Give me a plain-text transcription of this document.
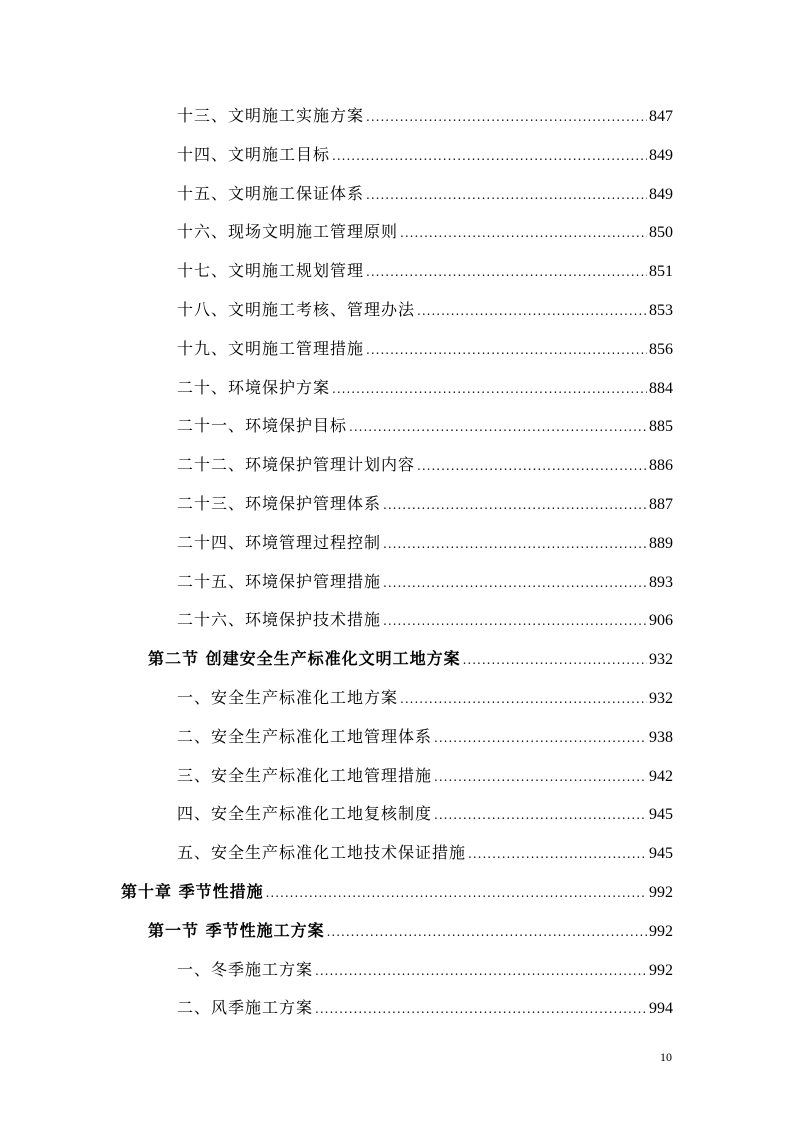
十三、文明施工实施方案 .....	847
十四、文明施工目标 .....	849
十五、文明施工保证体系 .....	849
十六、现场文明施工管理原则 .....	850
十七、文明施工规划管理 .....	851
十八、文明施工考核、管理办法 .....	853
十九、文明施工管理措施 .....	856
二十、环境保护方案 .....	884
二十一、环境保护目标 .....	885
二十二、环境保护管理计划内容 .....	886
二十三、环境保护管理体系 .....	887
二十四、环境管理过程控制 .....	889
二十五、环境保护管理措施 .....	893
二十六、环境保护技术措施 .....	906
第二节 创建安全生产标准化文明工地方案 .....	932
一、安全生产标准化工地方案 .....	932
二、安全生产标准化工地管理体系 .....	938
三、安全生产标准化工地管理措施 .....	942
四、安全生产标准化工地复核制度 .....	945
五、安全生产标准化工地技术保证措施 .....	945
第十章 季节性措施 .....	992
第一节 季节性施工方案 .....	992
一、冬季施工方案 .....	992
二、风季施工方案 .....	994
10
